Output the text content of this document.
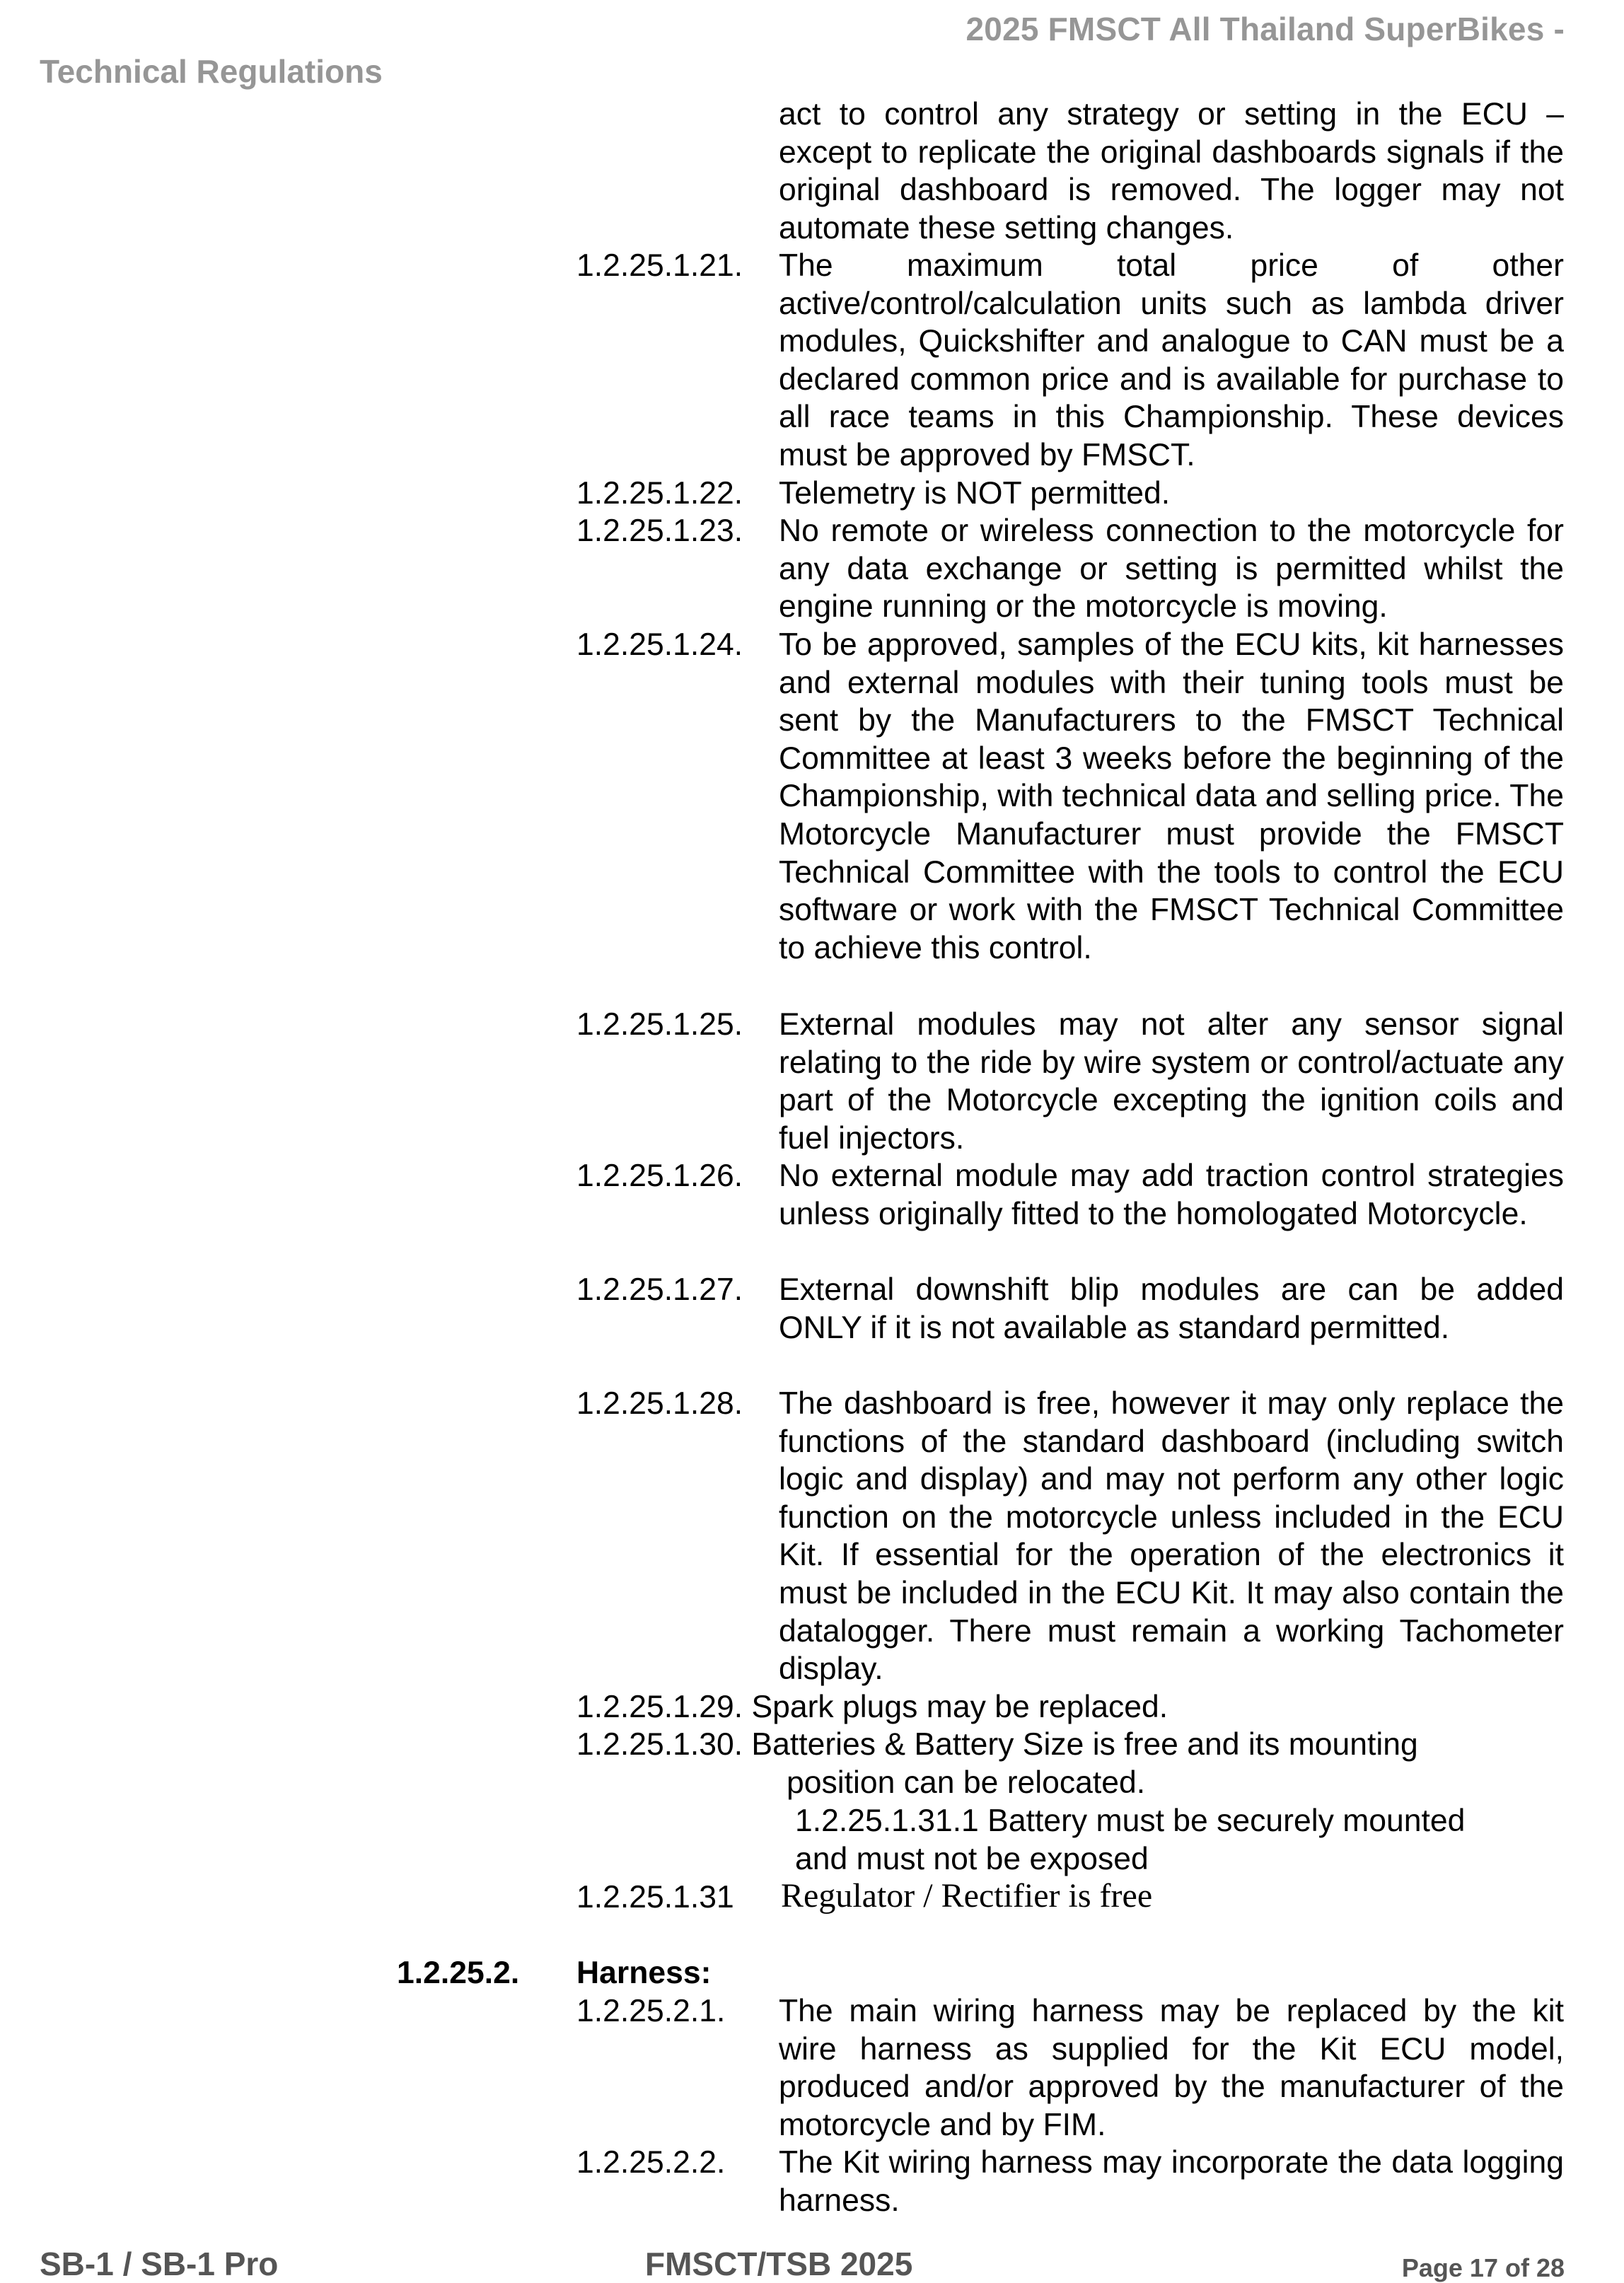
2025 FMSCT All Thailand SuperBikes -
Technical Regulations
act to control any strategy or setting in the ECU – except to replicate the original dashboards signals if the original dashboard is removed. The logger may not automate these setting changes.
1.2.25.1.21. The maximum total price of other active/control/calculation units such as lambda driver modules, Quickshifter and analogue to CAN must be a declared common price and is available for purchase to all race teams in this Championship. These devices must be approved by FMSCT.
1.2.25.1.22. Telemetry is NOT permitted.
1.2.25.1.23. No remote or wireless connection to the motorcycle for any data exchange or setting is permitted whilst the engine running or the motorcycle is moving.
1.2.25.1.24. To be approved, samples of the ECU kits, kit harnesses and external modules with their tuning tools must be sent by the Manufacturers to the FMSCT Technical Committee at least 3 weeks before the beginning of the Championship, with technical data and selling price. The Motorcycle Manufacturer must provide the FMSCT Technical Committee with the tools to control the ECU software or work with the FMSCT Technical Committee to achieve this control.
1.2.25.1.25. External modules may not alter any sensor signal relating to the ride by wire system or control/actuate any part of the Motorcycle excepting the ignition coils and fuel injectors.
1.2.25.1.26. No external module may add traction control strategies unless originally fitted to the homologated Motorcycle.
1.2.25.1.27. External downshift blip modules are can be added ONLY if it is not available as standard permitted.
1.2.25.1.28. The dashboard is free, however it may only replace the functions of the standard dashboard (including switch logic and display) and may not perform any other logic function on the motorcycle unless included in the ECU Kit. If essential for the operation of the electronics it must be included in the ECU Kit. It may also contain the datalogger. There must remain a working Tachometer display.
1.2.25.1.29. Spark plugs may be replaced.
1.2.25.1.30. Batteries & Battery Size is free and its mounting
position can be relocated.
1.2.25.1.31.1 Battery must be securely mounted
and must not be exposed
1.2.25.1.31 Regulator / Rectifier is free
1.2.25.2. Harness:
1.2.25.2.1. The main wiring harness may be replaced by the kit wire harness as supplied for the Kit ECU model, produced and/or approved by the manufacturer of the motorcycle and by FIM.
1.2.25.2.2. The Kit wiring harness may incorporate the data logging harness.
SB-1 / SB-1 Pro	FMSCT/TSB 2025	Page 17 of 28
